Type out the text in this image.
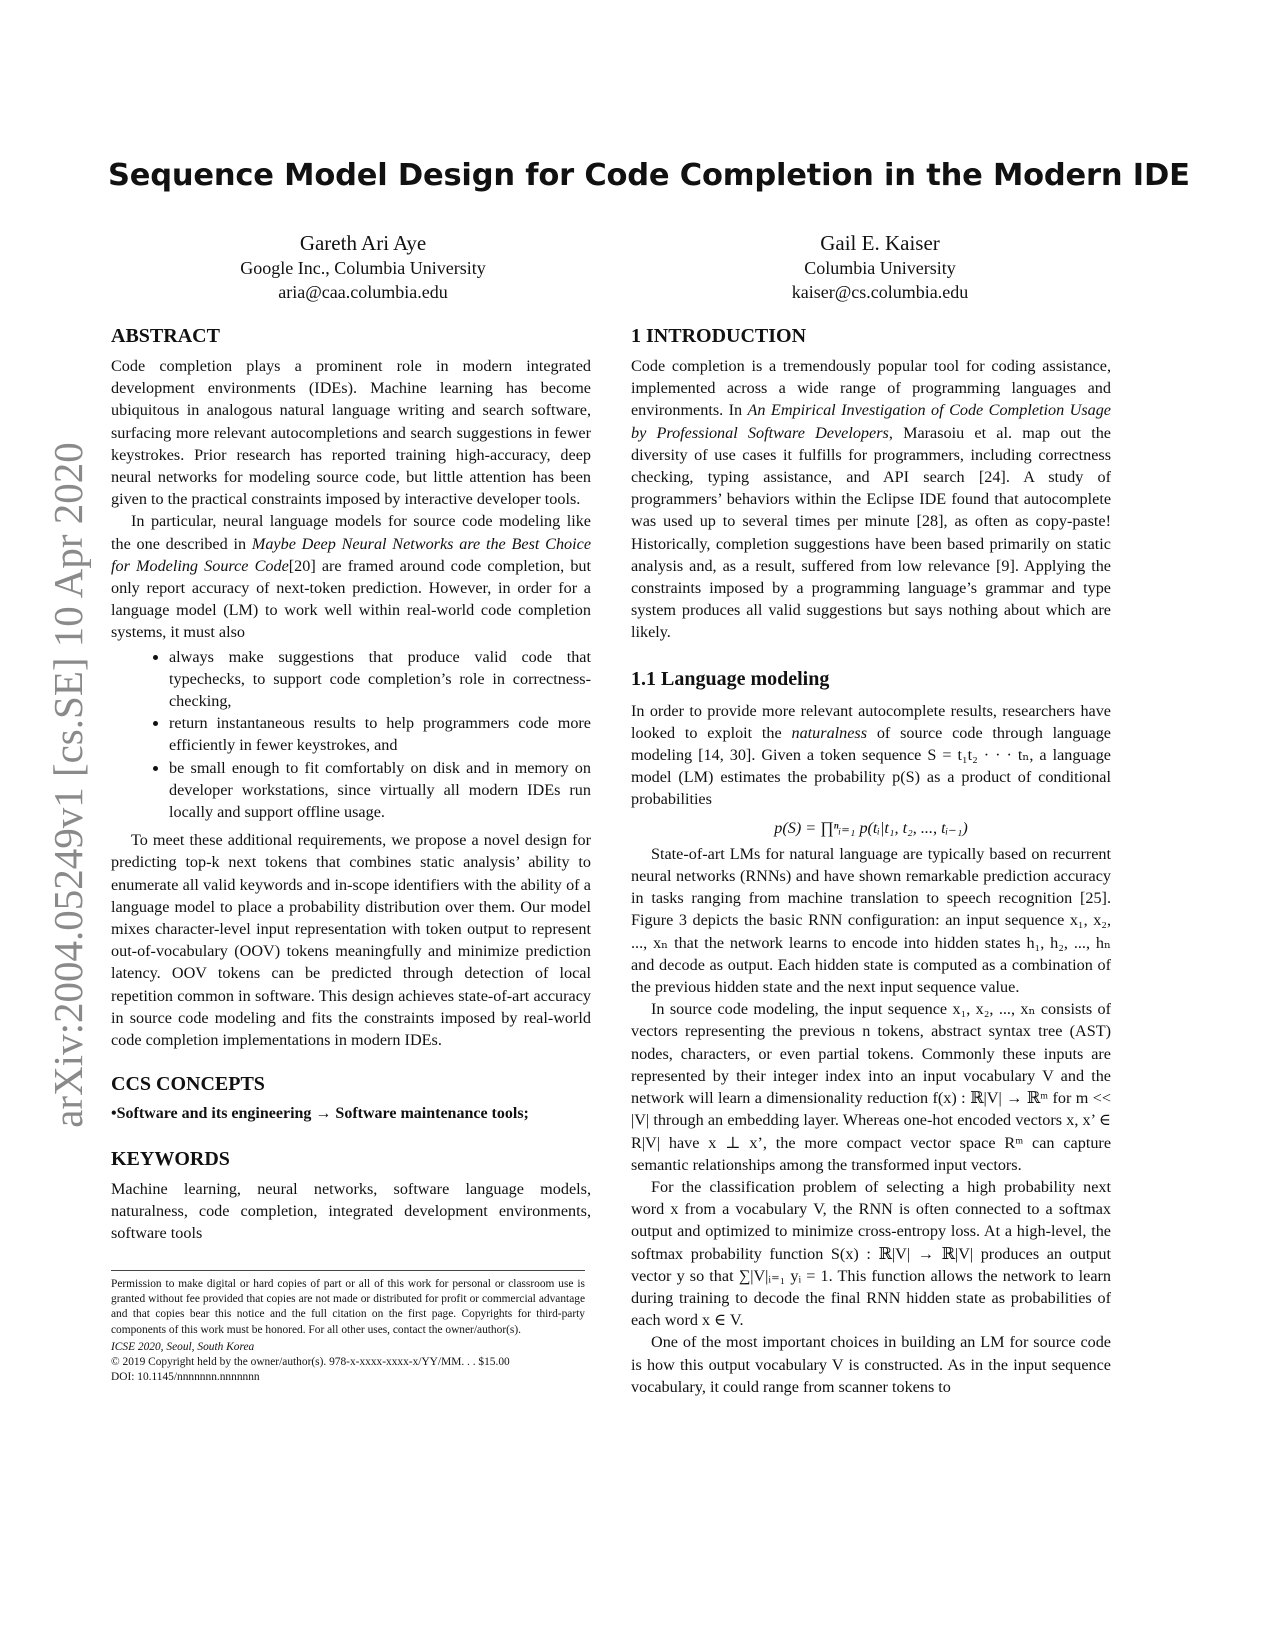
arXiv:2004.05249v1 [cs.SE] 10 Apr 2020
Sequence Model Design for Code Completion in the Modern IDE
Gareth Ari Aye
Google Inc., Columbia University
aria@caa.columbia.edu
Gail E. Kaiser
Columbia University
kaiser@cs.columbia.edu
ABSTRACT

Code completion plays a prominent role in modern integrated development environments (IDEs). Machine learning has become ubiquitous in analogous natural language writing and search software, surfacing more relevant autocompletions and search suggestions in fewer keystrokes. Prior research has reported training high-accuracy, deep neural networks for modeling source code, but little attention has been given to the practical constraints imposed by interactive developer tools.

In particular, neural language models for source code modeling like the one described in Maybe Deep Neural Networks are the Best Choice for Modeling Source Code[20] are framed around code completion, but only report accuracy of next-token prediction. However, in order for a language model (LM) to work well within real-world code completion systems, it must also

• always make suggestions that produce valid code that typechecks, to support code completion’s role in correctness-checking,
• return instantaneous results to help programmers code more efficiently in fewer keystrokes, and
• be small enough to fit comfortably on disk and in memory on developer workstations, since virtually all modern IDEs run locally and support offline usage.

To meet these additional requirements, we propose a novel design for predicting top-k next tokens that combines static analysis’ ability to enumerate all valid keywords and in-scope identifiers with the ability of a language model to place a probability distribution over them. Our model mixes character-level input representation with token output to represent out-of-vocabulary (OOV) tokens meaningfully and minimize prediction latency. OOV tokens can be predicted through detection of local repetition common in software. This design achieves state-of-art accuracy in source code modeling and fits the constraints imposed by real-world code completion implementations in modern IDEs.

CCS CONCEPTS
•Software and its engineering → Software maintenance tools;
KEYWORDS

Machine learning, neural networks, software language models, naturalness, code completion, integrated development environments, software tools

Permission to make digital or hard copies of part or all of this work for personal or classroom use is granted without fee provided that copies are not made or distributed for profit or commercial advantage and that copies bear this notice and the full citation on the first page. Copyrights for third-party components of this work must be honored. For all other uses, contact the owner/author(s).
ICSE 2020, Seoul, South Korea
© 2019 Copyright held by the owner/author(s). 978-x-xxxx-xxxx-x/YY/MM. . . $15.00
DOI: 10.1145/nnnnnnn.nnnnnnn
1 INTRODUCTION

Code completion is a tremendously popular tool for coding assistance, implemented across a wide range of programming languages and environments. In An Empirical Investigation of Code Completion Usage by Professional Software Developers, Marasoiu et al. map out the diversity of use cases it fulfills for programmers, including correctness checking, typing assistance, and API search [24]. A study of programmers’ behaviors within the Eclipse IDE found that autocomplete was used up to several times per minute [28], as often as copy-paste! Historically, completion suggestions have been based primarily on static analysis and, as a result, suffered from low relevance [9]. Applying the constraints imposed by a programming language’s grammar and type system produces all valid suggestions but says nothing about which are likely.

1.1 Language modeling

In order to provide more relevant autocomplete results, researchers have looked to exploit the naturalness of source code through language modeling [14, 30]. Given a token sequence S = t₁t₂ · · · tₙ, a language model (LM) estimates the probability p(S) as a product of conditional probabilities

p(S) = ∏ⁿᵢ₌₁ p(tᵢ|t₁, t₂, ..., tᵢ₋₁)

State-of-art LMs for natural language are typically based on recurrent neural networks (RNNs) and have shown remarkable prediction accuracy in tasks ranging from machine translation to speech recognition [25]. Figure 3 depicts the basic RNN configuration: an input sequence x₁, x₂, ..., xₙ that the network learns to encode into hidden states h₁, h₂, ..., hₙ and decode as output. Each hidden state is computed as a combination of the previous hidden state and the next input sequence value.

In source code modeling, the input sequence x₁, x₂, ..., xₙ consists of vectors representing the previous n tokens, abstract syntax tree (AST) nodes, characters, or even partial tokens. Commonly these inputs are represented by their integer index into an input vocabulary V and the network will learn a dimensionality reduction f(x) : ℝ|V| → ℝᵐ for m << |V| through an embedding layer. Whereas one-hot encoded vectors x, x’ ∈ R|V| have x ⊥ x’, the more compact vector space Rᵐ can capture semantic relationships among the transformed input vectors.

For the classification problem of selecting a high probability next word x from a vocabulary V, the RNN is often connected to a softmax output and optimized to minimize cross-entropy loss. At a high-level, the softmax probability function S(x) : ℝ|V| → ℝ|V| produces an output vector y so that ∑|V|ᵢ₌₁ yᵢ = 1. This function allows the network to learn during training to decode the final RNN hidden state as probabilities of each word x ∈ V.

One of the most important choices in building an LM for source code is how this output vocabulary V is constructed. As in the input sequence vocabulary, it could range from scanner tokens to
